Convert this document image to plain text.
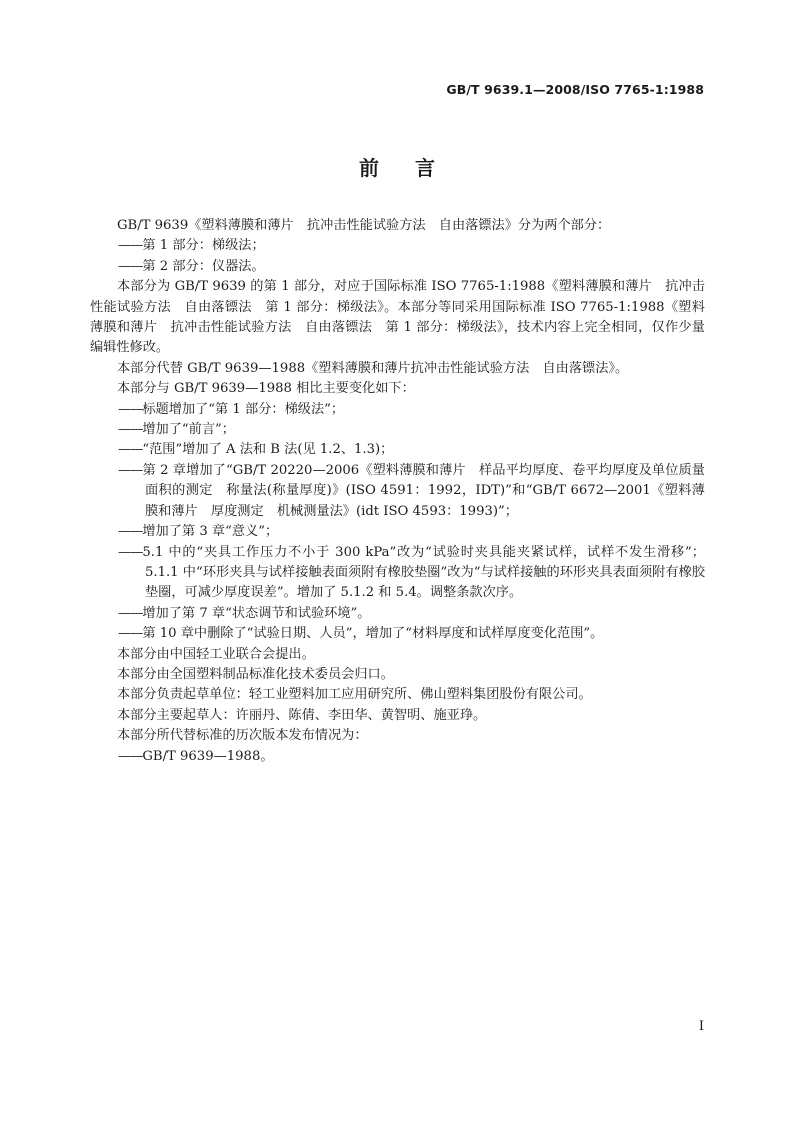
GB/T 9639.1—2008/ISO 7765-1:1988
前言

GB/T 9639《塑料薄膜和薄片　抗冲击性能试验方法　自由落镖法》分为两个部分：

——第 1 部分：梯级法；

——第 2 部分：仪器法。

本部分为 GB/T 9639 的第 1 部分，对应于国际标准 ISO 7765-1:1988《塑料薄膜和薄片　抗冲击性能试验方法　自由落镖法　第 1 部分：梯级法》。本部分等同采用国际标准 ISO 7765-1:1988《塑料薄膜和薄片　抗冲击性能试验方法　自由落镖法　第 1 部分：梯级法》，技术内容上完全相同，仅作少量编辑性修改。

本部分代替 GB/T 9639—1988《塑料薄膜和薄片抗冲击性能试验方法　自由落镖法》。

本部分与 GB/T 9639—1988 相比主要变化如下：

——标题增加了“第 1 部分：梯级法”；

——增加了“前言”；

——“范围”增加了 A 法和 B 法(见 1.2、1.3)；

——第 2 章增加了“GB/T 20220—2006《塑料薄膜和薄片　样品平均厚度、卷平均厚度及单位质量面积的测定　称量法(称量厚度)》(ISO 4591：1992，IDT)”和“GB/T 6672—2001《塑料薄膜和薄片　厚度测定　机械测量法》(idt ISO 4593：1993)”；

——增加了第 3 章“意义”；

——5.1 中的“夹具工作压力不小于 300 kPa”改为“试验时夹具能夹紧试样，试样不发生滑移”；5.1.1 中“环形夹具与试样接触表面须附有橡胶垫圈”改为“与试样接触的环形夹具表面须附有橡胶垫圈，可减少厚度误差”。增加了 5.1.2 和 5.4。调整条款次序。

——增加了第 7 章“状态调节和试验环境”。

——第 10 章中删除了“试验日期、人员”，增加了“材料厚度和试样厚度变化范围”。

本部分由中国轻工业联合会提出。

本部分由全国塑料制品标准化技术委员会归口。

本部分负责起草单位：轻工业塑料加工应用研究所、佛山塑料集团股份有限公司。

本部分主要起草人：许丽丹、陈倩、李田华、黄智明、施亚琤。

本部分所代替标准的历次版本发布情况为：

——GB/T 9639—1988。

I
